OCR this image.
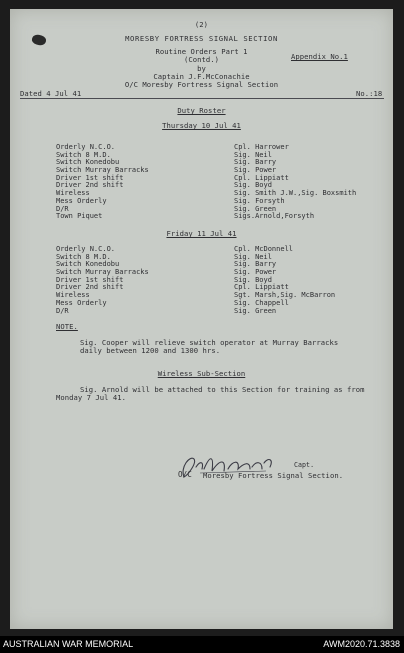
(2)
MORESBY FORTRESS SIGNAL SECTION
Routine Orders Part 1
(Contd.)
by
Captain J.F.McConachie
O/C Moresby Fortress Signal Section
Appendix No.1
Dated 4 Jul 41	No.:18
Duty Roster
Thursday 10 Jul 41
Orderly N.C.O.	Cpl. Harrower
Switch 8 M.D.	Sig. Neil
Switch Konedobu	Sig. Barry
Switch Murray Barracks	Sig. Power
Driver 1st shift	Cpl. Lippiatt
Driver 2nd shift	Sig. Boyd
Wireless	Sig. Smith J.W.,Sig. Boxsmith
Mess Orderly	Sig. Forsyth
D/R	Sig. Green
Town Piquet	Sigs.Arnold,Forsyth
Friday 11 Jul 41
Orderly N.C.O.	Cpl. McDonnell
Switch 8 M.D.	Sig. Neil
Switch Konedobu	Sig. Barry
Switch Murray Barracks	Sig. Power
Driver 1st shift	Sig. Boyd
Driver 2nd shift	Cpl. Lippiatt
Wireless	Sgt. Marsh,Sig. McBarron
Mess Orderly	Sig. Chappell
D/R	Sig. Green
NOTE.
Sig. Cooper will relieve switch operator at Murray Barracks
daily between 1200 and 1300 hrs.
Wireless Sub-Section
Sig. Arnold will be attached to this Section for training as from
Monday 7 Jul 41.
Capt.
O/C Moresby Fortress Signal Section.
AUSTRALIAN WAR MEMORIAL	AWM2020.71.3838
